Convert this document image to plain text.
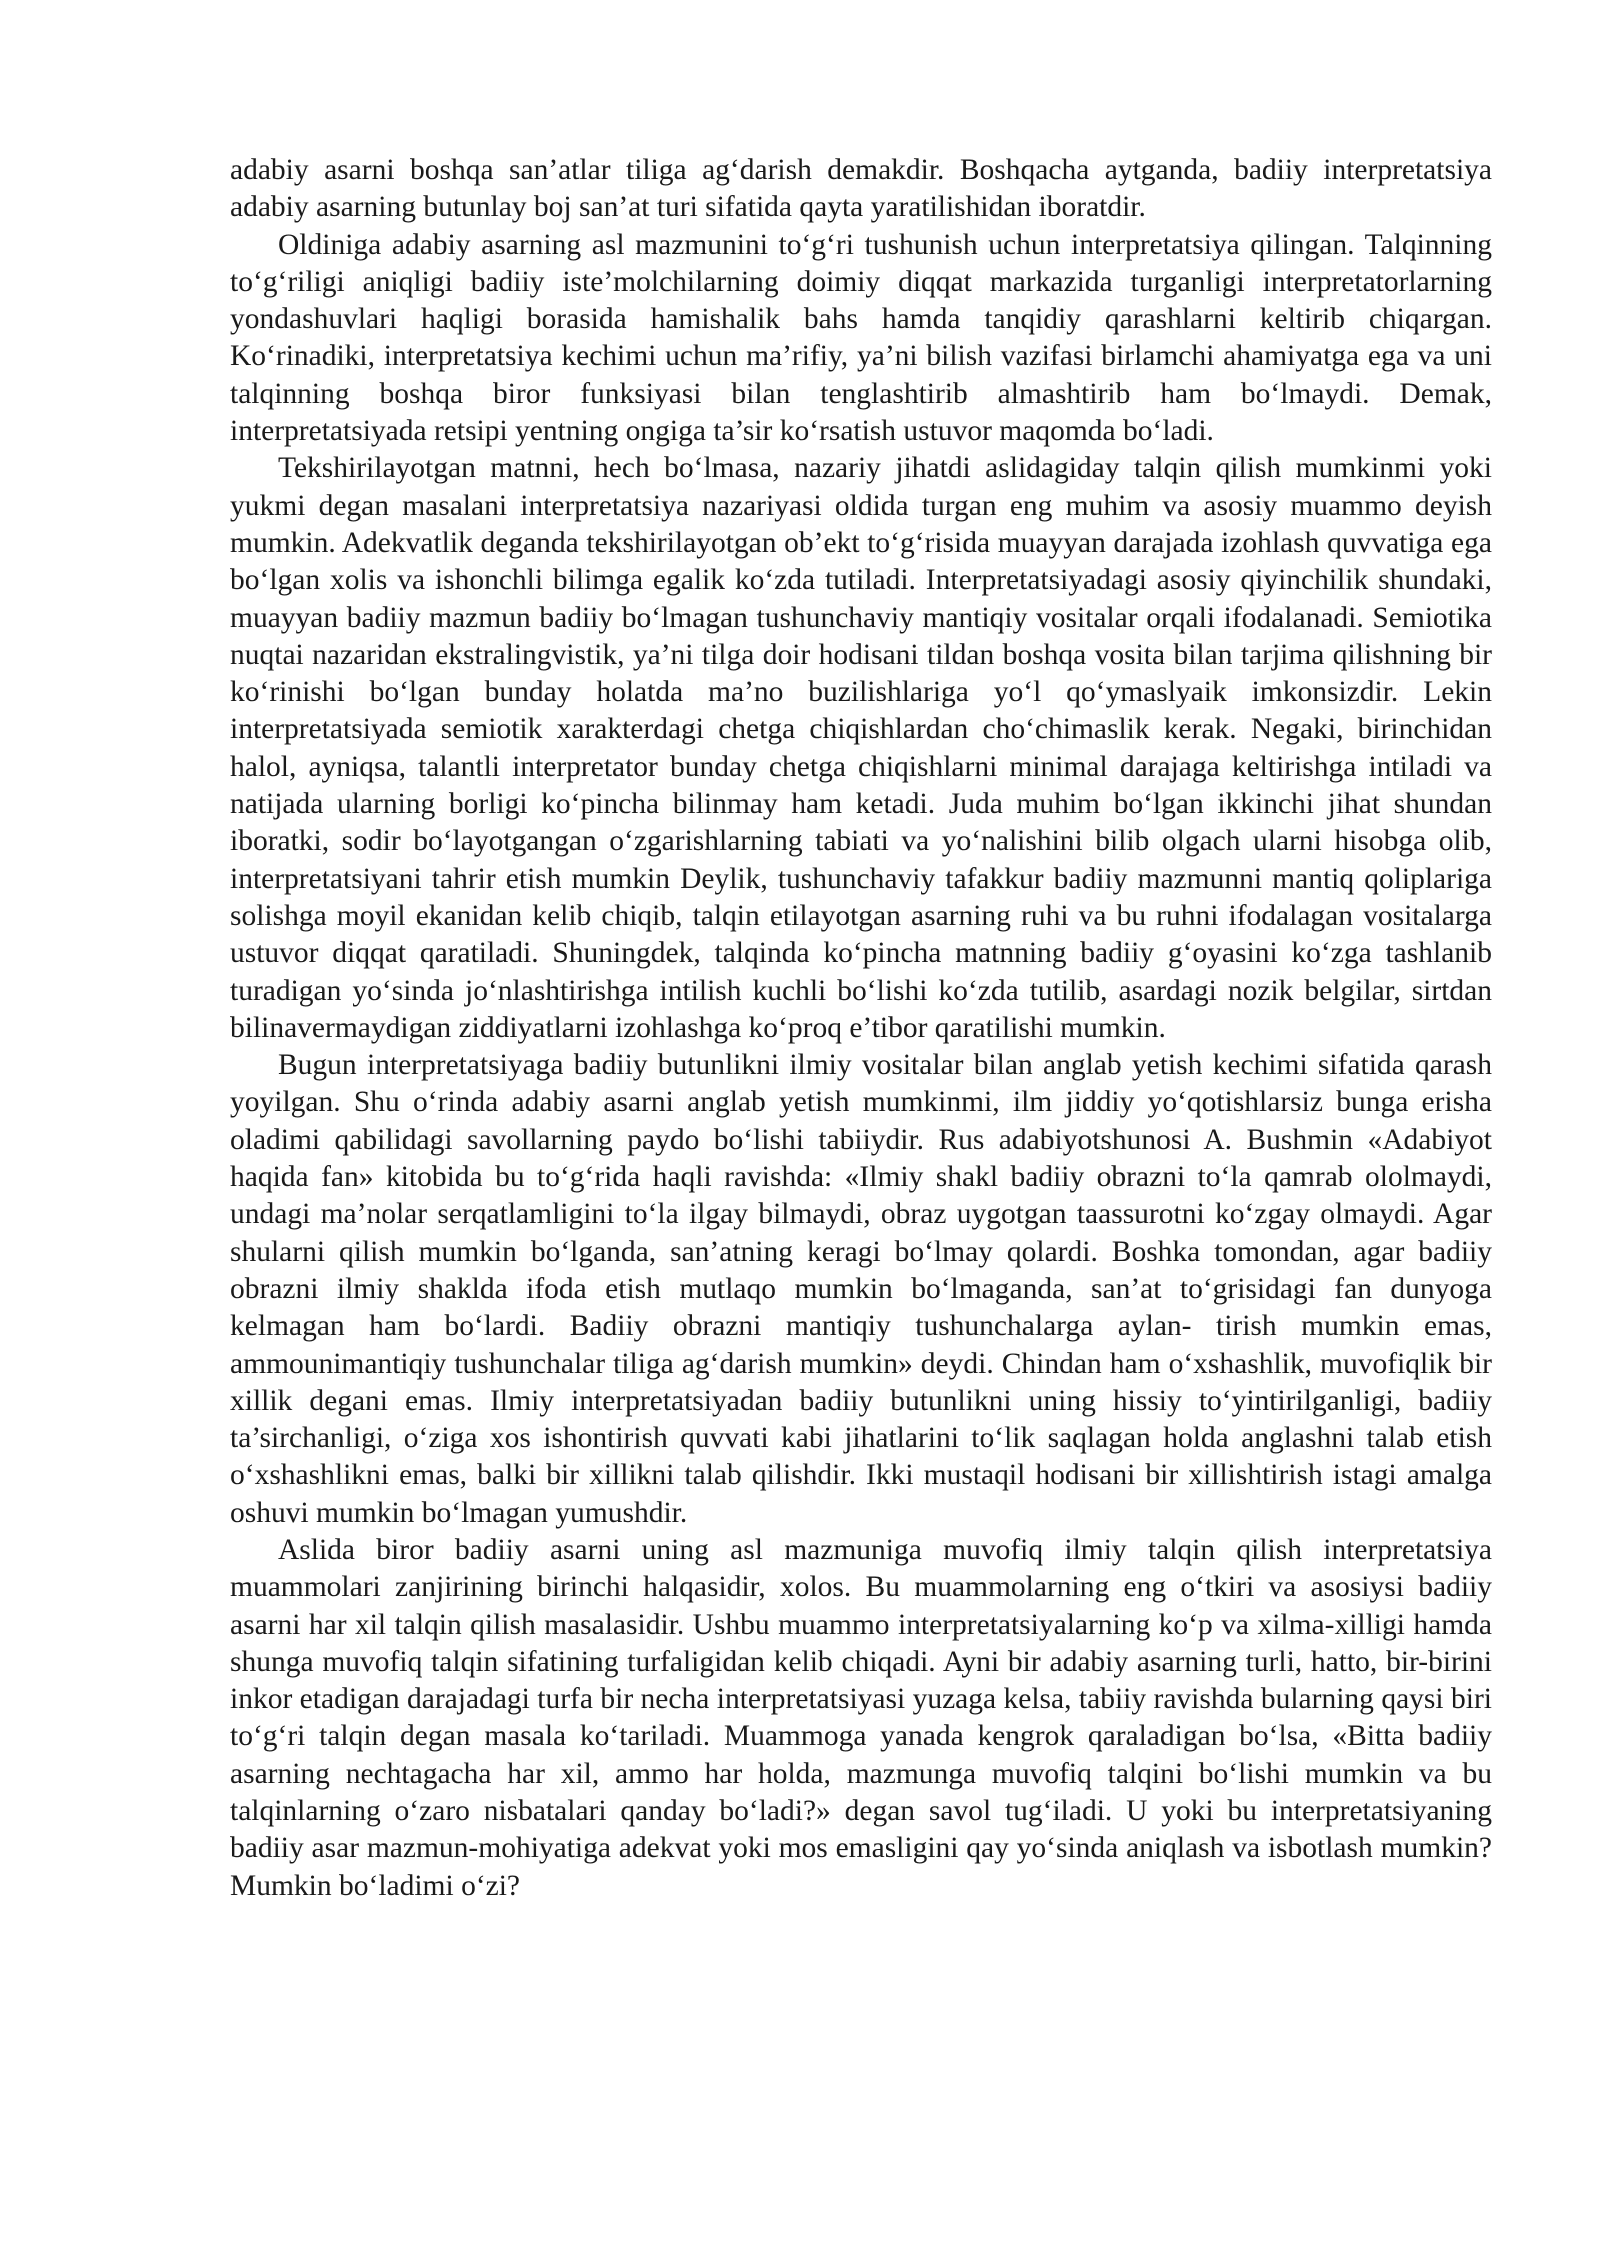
adabiy asarni boshqa san’atlar tiliga ag‘darish demakdir. Boshqacha aytganda, badiiy interpretatsiya adabiy asarning butunlay boj san’at turi sifatida qayta yaratilishidan iboratdir.

Oldiniga adabiy asarning asl mazmunini to‘g‘ri tushunish uchun interpretatsiya qilingan. Talqinning to‘g‘riligi aniqligi badiiy iste’molchilarning doimiy diqqat markazida turganligi interpretatorlarning yondashuvlari haqligi borasida hamishalik bahs hamda tanqidiy qarashlarni keltirib chiqargan. Ko‘rinadiki, interpretatsiya kechimi uchun ma’rifiy, ya’ni bilish vazifasi birlamchi ahamiyatga ega va uni talqinning boshqa biror funksiyasi bilan tenglashtirib almashtirib ham bo‘lmaydi. Demak, interpretatsiyada retsipi yentning ongiga ta’sir ko‘rsatish ustuvor maqomda bo‘ladi.

Tekshirilayotgan matnni, hech bo‘lmasa, nazariy jihatdi aslidagiday talqin qilish mumkinmi yoki yukmi degan masalani interpretatsiya nazariyasi oldida turgan eng muhim va asosiy muammo deyish mumkin. Adekvatlik deganda tekshirilayotgan ob’ekt to‘g‘risida muayyan darajada izohlash quvvatiga ega bo‘lgan xolis va ishonchli bilimga egalik ko‘zda tutiladi. Interpretatsiyadagi asosiy qiyinchilik shundaki, muayyan badiiy mazmun badiiy bo‘lmagan tushunchaviy mantiqiy vositalar orqali ifodalanadi. Semiotika nuqtai nazaridan ekstralingvistik, ya’ni tilga doir hodisani tildan boshqa vosita bilan tarjima qilishning bir ko‘rinishi bo‘lgan bunday holatda ma’no buzilishlariga yo‘l qo‘ymaslyaik imkonsizdir. Lekin interpretatsiyada semiotik xarakterdagi chetga chiqishlardan cho‘chimaslik kerak. Negaki, birinchidan halol, ayniqsa, talantli interpretator bunday chetga chiqishlarni minimal darajaga keltirishga intiladi va natijada ularning borligi ko‘pincha bilinmay ham ketadi. Juda muhim bo‘lgan ikkinchi jihat shundan iboratki, sodir bo‘layotgangan o‘zgarishlarning tabiati va yo‘nalishini bilib olgach ularni hisobga olib, interpretatsiyani tahrir etish mumkin Deylik, tushunchaviy tafakkur badiiy mazmunni mantiq qoliplariga solishga moyil ekanidan kelib chiqib, talqin etilayotgan asarning ruhi va bu ruhni ifodalagan vositalarga ustuvor diqqat qaratiladi. Shuningdek, talqinda ko‘pincha matnning badiiy g‘oyasini ko‘zga tashlanib turadigan yo‘sinda jo‘nlashtirishga intilish kuchli bo‘lishi ko‘zda tutilib, asardagi nozik belgilar, sirtdan bilinavermaydigan ziddiyatlarni izohlashga ko‘proq e’tibor qaratilishi mumkin.

Bugun interpretatsiyaga badiiy butunlikni ilmiy vositalar bilan anglab yetish kechimi sifatida qarash yoyilgan. Shu o‘rinda adabiy asarni anglab yetish mumkinmi, ilm jiddiy yo‘qotishlarsiz bunga erisha oladimi qabilidagi savollarning paydo bo‘lishi tabiiydir. Rus adabiyotshunosi A. Bushmin «Adabiyot haqida fan» kitobida bu to‘g‘rida haqli ravishda: «Ilmiy shakl badiiy obrazni to‘la qamrab ololmaydi, undagi ma’nolar serqatlamligini to‘la ilgay bilmaydi, obraz uygotgan taassurotni ko‘zgay olmaydi. Agar shularni qilish mumkin bo‘lganda, san’atning keragi bo‘lmay qolardi. Boshka tomondan, agar badiiy obrazni ilmiy shaklda ifoda etish mutlaqo mumkin bo‘lmaganda, san’at to‘grisidagi fan dunyoga kelmagan ham bo‘lardi. Badiiy obrazni mantiqiy tushunchalarga aylan- tirish mumkin emas, ammounimantiqiy tushunchalar tiliga ag‘darish mumkin» deydi. Chindan ham o‘xshashlik, muvofiqlik bir xillik degani emas. Ilmiy interpretatsiyadan badiiy butunlikni uning hissiy to‘yintirilganligi, badiiy ta’sirchanligi, o‘ziga xos ishontirish quvvati kabi jihatlarini to‘lik saqlagan holda anglashni talab etish o‘xshashlikni emas, balki bir xillikni talab qilishdir. Ikki mustaqil hodisani bir xillishtirish istagi amalga oshuvi mumkin bo‘lmagan yumushdir.

Aslida biror badiiy asarni uning asl mazmuniga muvofiq ilmiy talqin qilish interpretatsiya muammolari zanjirining birinchi halqasidir, xolos. Bu muammolarning eng o‘tkiri va asosiysi badiiy asarni har xil talqin qilish masalasidir. Ushbu muammo interpretatsiyalarning ko‘p va xilma-xilligi hamda shunga muvofiq talqin sifatining turfaligidan kelib chiqadi. Ayni bir adabiy asarning turli, hatto, bir-birini inkor etadigan darajadagi turfa bir necha interpretatsiyasi yuzaga kelsa, tabiiy ravishda bularning qaysi biri to‘g‘ri talqin degan masala ko‘tariladi. Muammoga yanada kengrok qaraladigan bo‘lsa, «Bitta badiiy asarning nechtagacha har xil, ammo har holda, mazmunga muvofiq talqini bo‘lishi mumkin va bu talqinlarning o‘zaro nisbatalari qanday bo‘ladi?» degan savol tug‘iladi. U yoki bu interpretatsiyaning badiiy asar mazmun-mohiyatiga adekvat yoki mos emasligini qay yo‘sinda aniqlash va isbotlash mumkin? Mumkin bo‘ladimi o‘zi?
